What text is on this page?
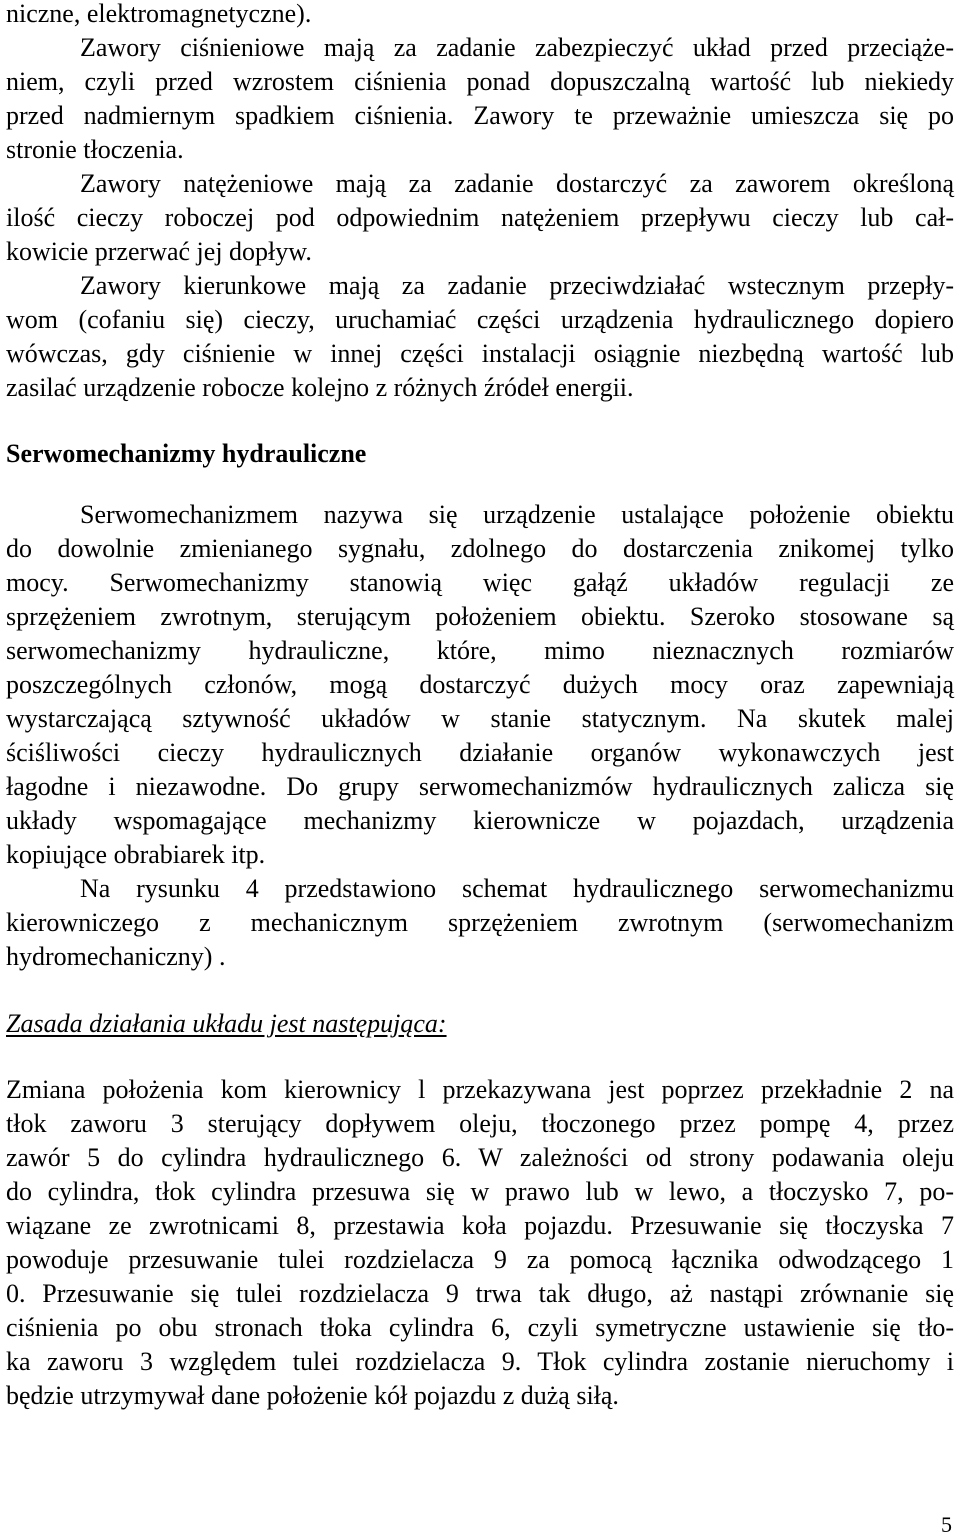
niczne, elektromagnetyczne).
Zawory ciśnieniowe mają za zadanie zabezpieczyć układ przed przeciąże-
niem, czyli przed wzrostem ciśnienia ponad dopuszczalną wartość lub niekiedy
przed nadmiernym spadkiem ciśnienia. Zawory te przeważnie umieszcza się po
stronie tłoczenia.
Zawory natężeniowe mają za zadanie dostarczyć za zaworem określoną
ilość cieczy roboczej pod odpowiednim natężeniem przepływu cieczy lub cał-
kowicie przerwać jej dopływ.
Zawory kierunkowe mają za zadanie przeciwdziałać wstecznym przepły-
wom (cofaniu się) cieczy, uruchamiać części urządzenia hydraulicznego dopiero
wówczas, gdy ciśnienie w innej części instalacji osiągnie niezbędną wartość lub
zasilać urządzenie robocze kolejno z różnych źródeł energii.
Serwomechanizmy hydrauliczne
Serwomechanizmem nazywa się urządzenie ustalające położenie obiektu
do dowolnie zmienianego sygnału, zdolnego do dostarczenia znikomej tylko
mocy. Serwomechanizmy stanowią więc gałąź układów regulacji ze
sprzężeniem zwrotnym, sterującym położeniem obiektu. Szeroko stosowane są
serwomechanizmy hydrauliczne, które, mimo nieznacznych rozmiarów
poszczególnych członów, mogą dostarczyć dużych mocy oraz zapewniają
wystarczającą sztywność układów w stanie statycznym. Na skutek malej
ściśliwości cieczy hydraulicznych działanie organów wykonawczych jest
łagodne i niezawodne. Do grupy serwomechanizmów hydraulicznych zalicza się
układy wspomagające mechanizmy kierownicze w pojazdach, urządzenia
kopiujące obrabiarek itp.
Na rysunku 4 przedstawiono schemat hydraulicznego serwomechanizmu
kierowniczego z mechanicznym sprzężeniem zwrotnym (serwomechanizm
hydromechaniczny) .
Zasada działania układu jest następująca:
Zmiana położenia kom kierownicy l przekazywana jest poprzez przekładnie 2 na
tłok zaworu 3 sterujący dopływem oleju, tłoczonego przez pompę 4, przez
zawór 5 do cylindra hydraulicznego 6. W zależności od strony podawania oleju
do cylindra, tłok cylindra przesuwa się w prawo lub w lewo, a tłoczysko 7, po-
wiązane ze zwrotnicami 8, przestawia koła pojazdu. Przesuwanie się tłoczyska 7
powoduje przesuwanie tulei rozdzielacza 9 za pomocą łącznika odwodzącego 1
0. Przesuwanie się tulei rozdzielacza 9 trwa tak długo, aż nastąpi zrównanie się
ciśnienia po obu stronach tłoka cylindra 6, czyli symetryczne ustawienie się tło-
ka zaworu 3 względem tulei rozdzielacza 9. Tłok cylindra zostanie nieruchomy i
będzie utrzymywał dane położenie kół pojazdu z dużą siłą.
5
